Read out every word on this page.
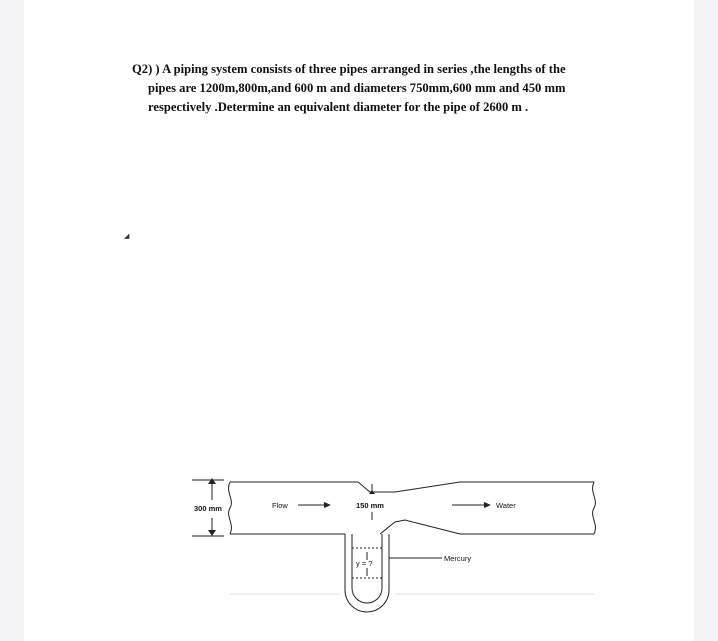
Q2) ) A piping system consists of three pipes arranged in series ,the lengths of the
pipes are 1200m,800m,and 600 m and diameters 750mm,600 mm and 450 mm
respectively .Determine an equivalent diameter for the pipe of 2600 m .
◢
300 mm	Flow	150 mm	Water
y = ?
Mercury
